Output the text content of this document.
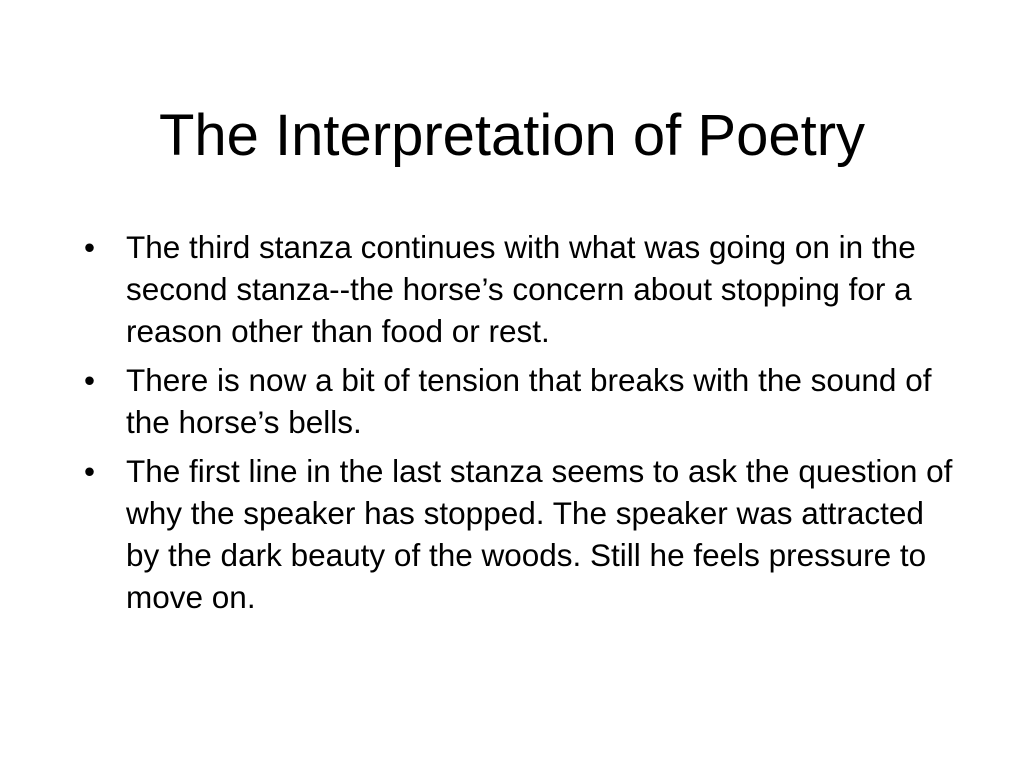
The Interpretation of Poetry
• The third stanza continues with what was going on in the second stanza--the horse’s concern about stopping for a reason other than food or rest.
• There is now a bit of tension that breaks with the sound of the horse’s bells.
• The first line in the last stanza seems to ask the question of why the speaker has stopped. The speaker was attracted by the dark beauty of the woods. Still he feels pressure to move on.
